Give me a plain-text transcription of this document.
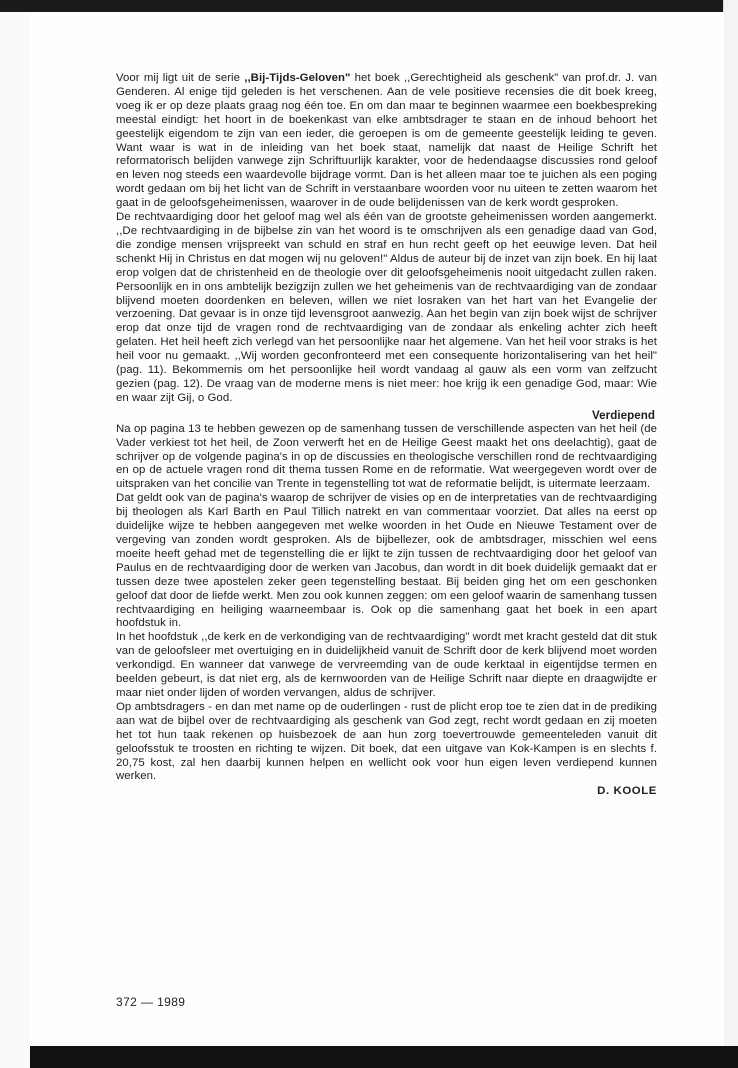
Voor mij ligt uit de serie ,,Bij-Tijds-Geloven" het boek ,,Gerechtigheid als geschenk" van prof.dr. J. van Genderen. Al enige tijd geleden is het verschenen. Aan de vele positieve recensies die dit boek kreeg, voeg ik er op deze plaats graag nog één toe. En om dan maar te beginnen waarmee een boekbespreking meestal eindigt: het hoort in de boekenkast van elke ambtsdrager te staan en de inhoud behoort het geestelijk eigendom te zijn van een ieder, die geroepen is om de gemeente geestelijk leiding te geven. Want waar is wat in de inleiding van het boek staat, namelijk dat naast de Heilige Schrift het reformatorisch belijden vanwege zijn Schriftuurlijk karakter, voor de hedendaagse discussies rond geloof en leven nog steeds een waardevolle bijdrage vormt. Dan is het alleen maar toe te juichen als een poging wordt gedaan om bij het licht van de Schrift in verstaanbare woorden voor nu uiteen te zetten waarom het gaat in de geloofsgeheimenissen, waarover in de oude belijdenissen van de kerk wordt gesproken.

De rechtvaardiging door het geloof mag wel als één van de grootste geheimenissen worden aangemerkt. ,,De rechtvaardiging in de bijbelse zin van het woord is te omschrijven als een genadige daad van God, die zondige mensen vrijspreekt van schuld en straf en hun recht geeft op het eeuwige leven. Dat heil schenkt Hij in Christus en dat mogen wij nu geloven!" Aldus de auteur bij de inzet van zijn boek. En hij laat erop volgen dat de christenheid en de theologie over dit geloofsgeheimenis nooit uitgedacht zullen raken. Persoonlijk en in ons ambtelijk bezigzijn zullen we het geheimenis van de rechtvaardiging van de zondaar blijvend moeten doordenken en beleven, willen we niet losraken van het hart van het Evangelie der verzoening. Dat gevaar is in onze tijd levensgroot aanwezig. Aan het begin van zijn boek wijst de schrijver erop dat onze tijd de vragen rond de rechtvaardiging van de zondaar als enkeling achter zich heeft gelaten. Het heil heeft zich verlegd van het persoonlijke naar het algemene. Van het heil voor straks is het heil voor nu gemaakt. ,,Wij worden geconfronteerd met een consequente horizontalisering van het heil" (pag. 11). Bekommernis om het persoonlijke heil wordt vandaag al gauw als een vorm van zelfzucht gezien (pag. 12). De vraag van de moderne mens is niet meer: hoe krijg ik een genadige God, maar: Wie en waar zijt Gij, o God.

Verdiepend

Na op pagina 13 te hebben gewezen op de samenhang tussen de verschillende aspecten van het heil (de Vader verkiest tot het heil, de Zoon verwerft het en de Heilige Geest maakt het ons deelachtig), gaat de schrijver op de volgende pagina's in op de discussies en theologische verschillen rond de rechtvaardiging en op de actuele vragen rond dit thema tussen Rome en de reformatie. Wat weergegeven wordt over de uitspraken van het concilie van Trente in tegenstelling tot wat de reformatie belijdt, is uitermate leerzaam.

Dat geldt ook van de pagina's waarop de schrijver de visies op en de interpretaties van de rechtvaardiging bij theologen als Karl Barth en Paul Tillich natrekt en van commentaar voorziet. Dat alles na eerst op duidelijke wijze te hebben aangegeven met welke woorden in het Oude en Nieuwe Testament over de vergeving van zonden wordt gesproken. Als de bijbellezer, ook de ambtsdrager, misschien wel eens moeite heeft gehad met de tegenstelling die er lijkt te zijn tussen de rechtvaardiging door het geloof van Paulus en de rechtvaardiging door de werken van Jacobus, dan wordt in dit boek duidelijk gemaakt dat er tussen deze twee apostelen zeker geen tegenstelling bestaat. Bij beiden ging het om een geschonken geloof dat door de liefde werkt. Men zou ook kunnen zeggen: om een geloof waarin de samenhang tussen rechtvaardiging en heiliging waarneembaar is. Ook op die samenhang gaat het boek in een apart hoofdstuk in.

In het hoofdstuk ,,de kerk en de verkondiging van de rechtvaardiging" wordt met kracht gesteld dat dit stuk van de geloofsleer met overtuiging en in duidelijkheid vanuit de Schrift door de kerk blijvend moet worden verkondigd. En wanneer dat vanwege de vervreemding van de oude kerktaal in eigentijdse termen en beelden gebeurt, is dat niet erg, als de kernwoorden van de Heilige Schrift naar diepte en draagwijdte er maar niet onder lijden of worden vervangen, aldus de schrijver.

Op ambtsdragers - en dan met name op de ouderlingen - rust de plicht erop toe te zien dat in de prediking aan wat de bijbel over de rechtvaardiging als geschenk van God zegt, recht wordt gedaan en zij moeten het tot hun taak rekenen op huisbezoek de aan hun zorg toevertrouwde gemeenteleden vanuit dit geloofsstuk te troosten en richting te wijzen. Dit boek, dat een uitgave van Kok-Kampen is en slechts f. 20,75 kost, zal hen daarbij kunnen helpen en wellicht ook voor hun eigen leven verdiepend kunnen werken.

D. KOOLE
372 — 1989
